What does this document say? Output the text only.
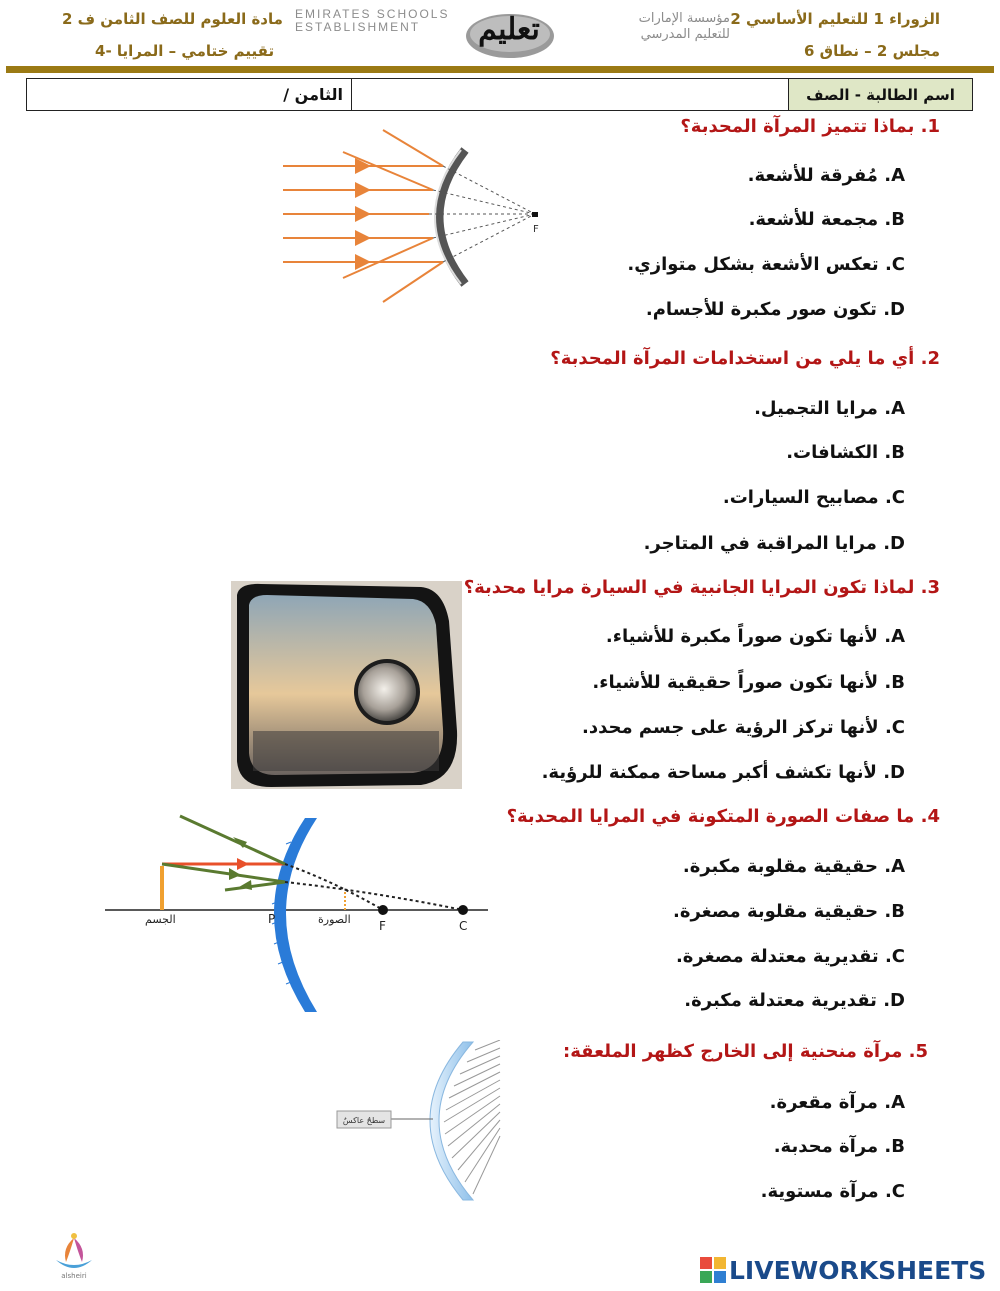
الزوراء 1 للتعليم الأساسي 2
مجلس 2 – نطاق 6
مادة العلوم للصف الثامن ف 2
تقييم ختامي – المرايا -4
EMIRATES SCHOOLS
ESTABLISHMENT	تعليم	مؤسسة الإمارات
للتعليم المدرسي
اسم الطالبة - الصف
الثامن /
1. بماذا تتميز المرآة المحدبة؟
A. مُفرقة للأشعة.
B. مجمعة للأشعة.
C. تعكس الأشعة بشكل متوازي.
D. تكون صور مكبرة للأجسام.
F
2. أي ما يلي من استخدامات المرآة المحدبة؟
A. مرايا التجميل.
B. الكشافات.
C. مصابيح السيارات.
D. مرايا المراقبة في المتاجر.
3. لماذا تكون المرايا الجانبية في السيارة مرايا محدبة؟
A. لأنها تكون صوراً مكبرة للأشياء.
B. لأنها تكون صوراً حقيقية للأشياء.
C. لأنها تركز الرؤية على جسم محدد.
D. لأنها تكشف أكبر مساحة ممكنة للرؤية.
4. ما صفات الصورة المتكونة في المرايا المحدبة؟
A. حقيقية مقلوبة مكبرة.
B. حقيقية مقلوبة مصغرة.
C. تقديرية معتدلة مصغرة.
D. تقديرية معتدلة مكبرة.
الجسم	P	الصورة F	C
5. مرآة منحنية إلى الخارج كظهر الملعقة:
A. مرآة مقعرة.
B. مرآة محدبة.
C. مرآة مستوية.
سطحٌ عاكسٌ
alsheiri	LIVEWORKSHEETS
